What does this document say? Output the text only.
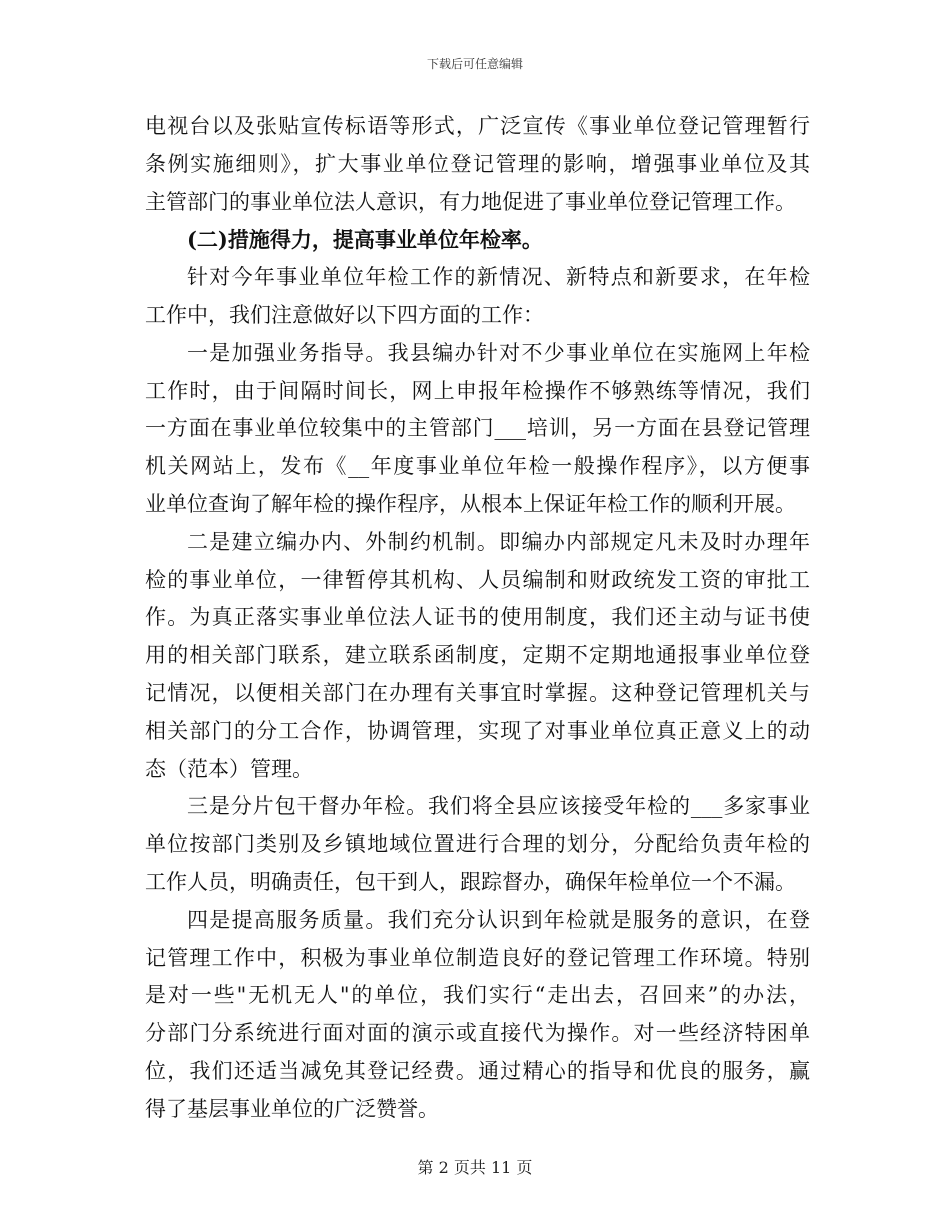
下载后可任意编辑
电视台以及张贴宣传标语等形式，广泛宣传《事业单位登记管理暂行
条例实施细则》，扩大事业单位登记管理的影响，增强事业单位及其
主管部门的事业单位法人意识，有力地促进了事业单位登记管理工作。
(二)措施得力，提高事业单位年检率。
针对今年事业单位年检工作的新情况、新特点和新要求，在年检
工作中，我们注意做好以下四方面的工作：
一是加强业务指导。我县编办针对不少事业单位在实施网上年检
工作时，由于间隔时间长，网上申报年检操作不够熟练等情况，我们
一方面在事业单位较集中的主管部门___培训，另一方面在县登记管理
机关网站上，发布《__年度事业单位年检一般操作程序》，以方便事
业单位查询了解年检的操作程序，从根本上保证年检工作的顺利开展。
二是建立编办内、外制约机制。即编办内部规定凡未及时办理年
检的事业单位，一律暂停其机构、人员编制和财政统发工资的审批工
作。为真正落实事业单位法人证书的使用制度，我们还主动与证书使
用的相关部门联系，建立联系函制度，定期不定期地通报事业单位登
记情况，以便相关部门在办理有关事宜时掌握。这种登记管理机关与
相关部门的分工合作，协调管理，实现了对事业单位真正意义上的动
态（范本）管理。
三是分片包干督办年检。我们将全县应该接受年检的___多家事业
单位按部门类别及乡镇地域位置进行合理的划分，分配给负责年检的
工作人员，明确责任，包干到人，跟踪督办，确保年检单位一个不漏。
四是提高服务质量。我们充分认识到年检就是服务的意识，在登
记管理工作中，积极为事业单位制造良好的登记管理工作环境。特别
是对一些"无机无人"的单位，我们实行“走出去，召回来”的办法，
分部门分系统进行面对面的演示或直接代为操作。对一些经济特困单
位，我们还适当减免其登记经费。通过精心的指导和优良的服务，赢
得了基层事业单位的广泛赞誉。
第 2 页共 11 页
